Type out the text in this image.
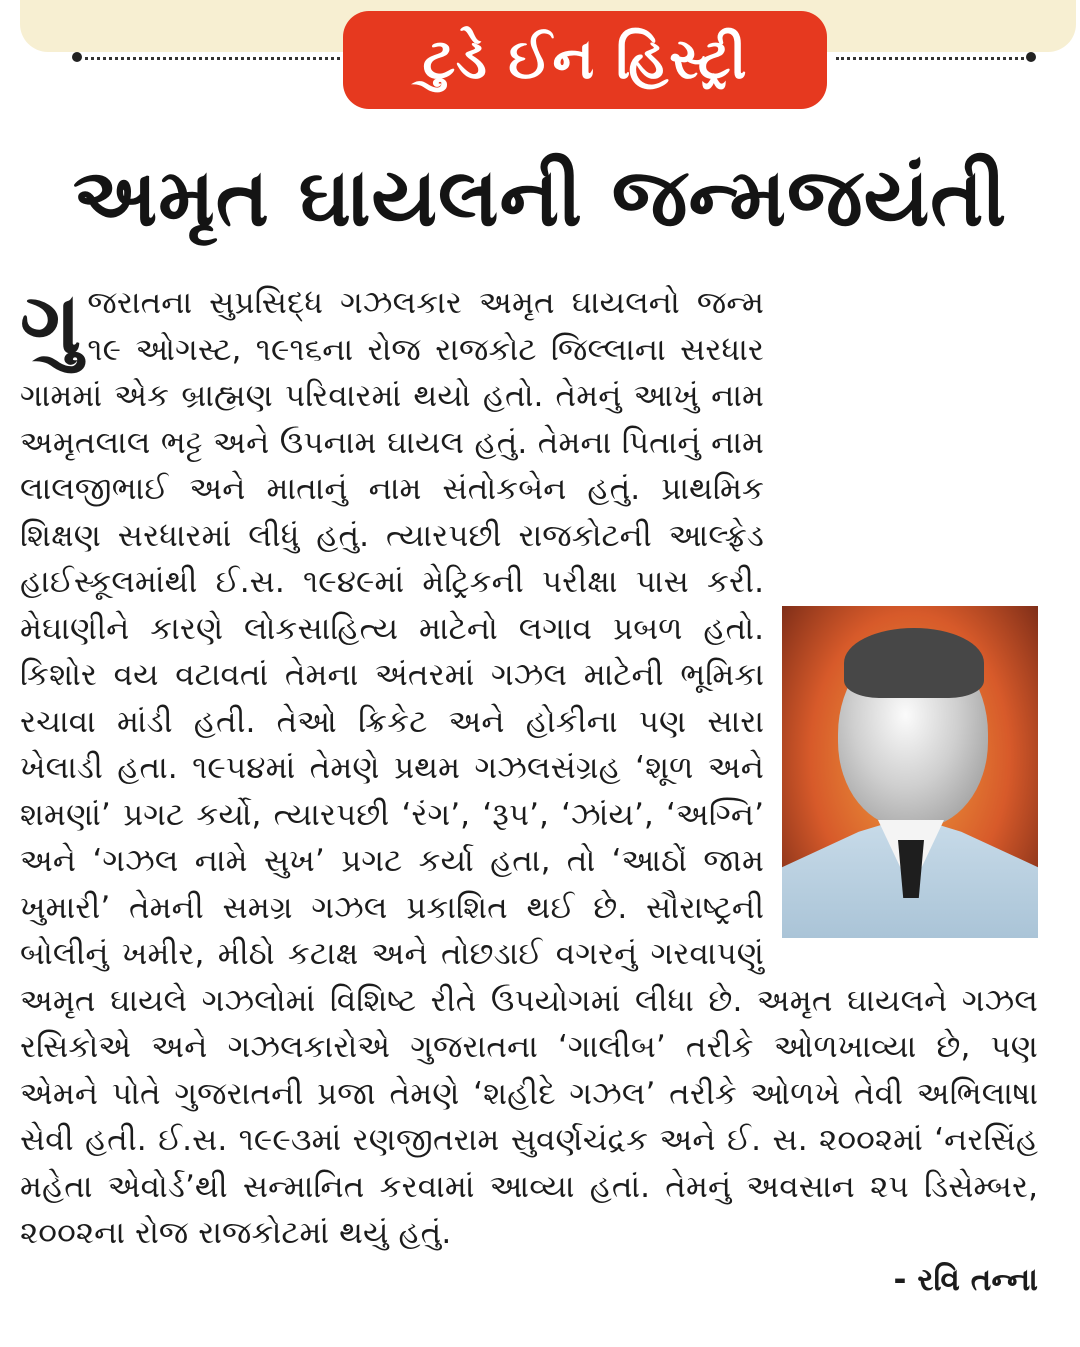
ટુડે ઈન હિસ્ટ્રી
અમૃત ઘાયલની જન્મજયંતી

ગુ જરાતના સુપ્રસિદ્ધ ગઝલકાર અમૃત ઘાયલનો જન્મ ૧૯ ઓગસ્ટ, ૧૯૧૬ના રોજ રાજકોટ જિલ્લાના સરધાર ગામમાં એક બ્રાહ્મણ પરિવારમાં થયો હતો. તેમનું આખું નામ અમૃતલાલ ભટ્ટ અને ઉપનામ ઘાયલ હતું. તેમના પિતાનું નામ લાલજીભાઈ અને માતાનું નામ સંતોકબેન હતું. પ્રાથમિક શિક્ષણ સરધારમાં લીધું હતું. ત્યારપછી રાજકોટની આલ્ફ્રેડ હાઈસ્કૂલમાંથી ઈ.સ. ૧૯૪૯માં મેટ્રિકની પરીક્ષા પાસ કરી. મેઘાણીને કારણે લોકસાહિત્ય માટેનો લગાવ પ્રબળ હતો. કિશોર વય વટાવતાં તેમના અંતરમાં ગઝલ માટેની ભૂમિકા રચાવા માંડી હતી. તેઓ ક્રિકેટ અને હોકીના પણ સારા ખેલાડી હતા. ૧૯૫૪માં તેમણે પ્રથમ ગઝલસંગ્રહ ‘શૂળ અને શમણાં’ પ્રગટ કર્યો, ત્યારપછી ‘રંગ’, ‘રૂપ’, ‘ઝાંય’, ‘અગ્નિ’ અને ‘ગઝલ નામે સુખ’ પ્રગટ કર્યા હતા, તો ‘આઠોં જામ ખુમારી’ તેમની સમગ્ર ગઝલ પ્રકાશિત થઈ છે. સૌરાષ્ટ્રની બોલીનું ખમીર, મીઠો કટાક્ષ અને તોછડાઈ વગરનું ગરવાપણું અમૃત ઘાયલે ગઝલોમાં વિશિષ્ટ રીતે ઉપયોગમાં લીધા છે. અમૃત ઘાયલને ગઝલ રસિકોએ અને ગઝલકારોએ ગુજરાતના ‘ગાલીબ’ તરીકે ઓળખાવ્યા છે, પણ એમને પોતે ગુજરાતની પ્રજા તેમણે ‘શહીદે ગઝલ’ તરીકે ઓળખે તેવી અભિલાષા સેવી હતી. ઈ.સ. ૧૯૯૩માં રણજીતરામ સુવર્ણચંદ્રક અને ઈ. સ. ૨૦૦૨માં ‘નરસિંહ મહેતા એવોર્ડ’થી સન્માનિત કરવામાં આવ્યા હતાં. તેમનું અવસાન ૨૫ ડિસેમ્બર, ૨૦૦૨ના રોજ રાજકોટમાં થયું હતું.

- રવિ તન્ના
